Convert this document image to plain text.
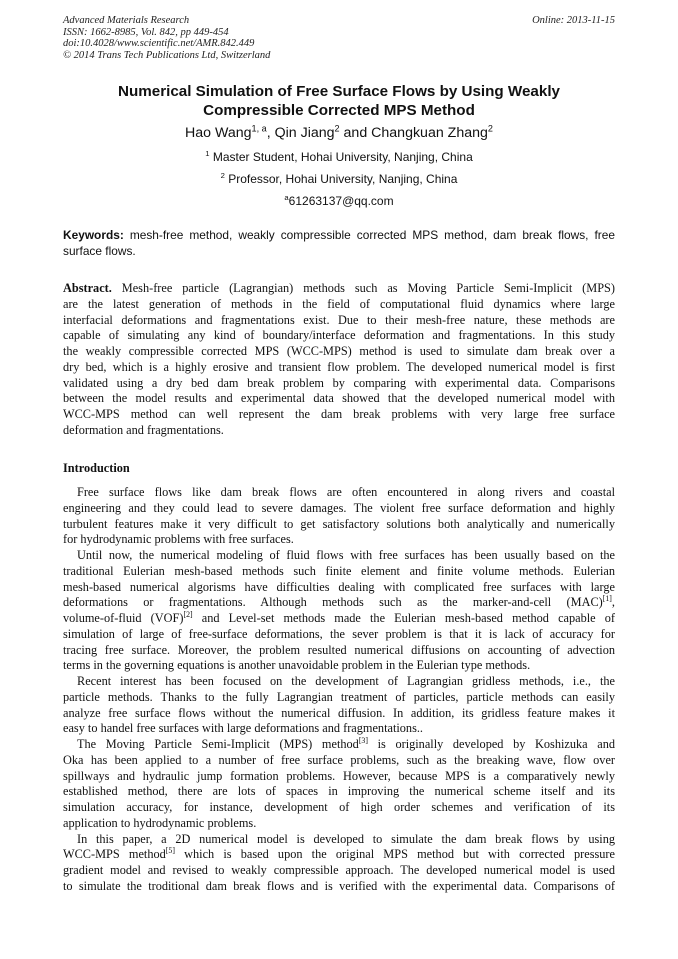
Advanced Materials Research
ISSN: 1662-8985, Vol. 842, pp 449-454
doi:10.4028/www.scientific.net/AMR.842.449
© 2014 Trans Tech Publications Ltd, Switzerland
Online: 2013-11-15
Numerical Simulation of Free Surface Flows by Using Weakly
Compressible Corrected MPS Method
Hao Wang$^{1, a}$, Qin Jiang$^2$ and Changkuan Zhang$^2$
$^1$ Master Student, Hohai University, Nanjing, China
$^2$ Professor, Hohai University, Nanjing, China
$^a$61263137@qq.com
Keywords: mesh-free method, weakly compressible corrected MPS method, dam break flows, free
surface flows.
Abstract. Mesh-free particle (Lagrangian) methods such as Moving Particle Semi-Implicit (MPS)
are the latest generation of methods in the field of computational fluid dynamics where large
interfacial deformations and fragmentations exist. Due to their mesh-free nature, these methods are
capable of simulating any kind of boundary/interface deformation and fragmentations. In this study
the weakly compressible corrected MPS (WCC-MPS) method is used to simulate dam break over a
dry bed, which is a highly erosive and transient flow problem. The developed numerical model is first
validated using a dry bed dam break problem by comparing with experimental data. Comparisons
between the model results and experimental data showed that the developed numerical model with
WCC-MPS method can well represent the dam break problems with very large free surface
deformation and fragmentations.
Introduction
Free surface flows like dam break flows are often encountered in along rivers and coastal
engineering and they could lead to severe damages. The violent free surface deformation and highly
turbulent features make it very difficult to get satisfactory solutions both analytically and numerically
for hydrodynamic problems with free surfaces.
Until now, the numerical modeling of fluid flows with free surfaces has been usually based on the
traditional Eulerian mesh-based methods such finite element and finite volume methods. Eulerian
mesh-based numerical algorisms have difficulties dealing with complicated free surfaces with large
deformations or fragmentations. Although methods such as the marker-and-cell (MAC)[1],
volume-of-fluid (VOF)[2] and Level-set methods made the Eulerian mesh-based method capable of
simulation of large of free-surface deformations, the sever problem is that it is lack of accuracy for
tracing free surface. Moreover, the problem resulted numerical diffusions on accounting of advection
terms in the governing equations is another unavoidable problem in the Eulerian type methods.
Recent interest has been focused on the development of Lagrangian gridless methods, i.e., the
particle methods. Thanks to the fully Lagrangian treatment of particles, particle methods can easily
analyze free surface flows without the numerical diffusion. In addition, its gridless feature makes it
easy to handel free surfaces with large deformations and fragmentations..
The Moving Particle Semi-Implicit (MPS) method[3] is originally developed by Koshizuka and
Oka has been applied to a number of free surface problems, such as the breaking wave, flow over
spillways and hydraulic jump formation problems. However, because MPS is a comparatively newly
established method, there are lots of spaces in improving the numerical scheme itself and its
simulation accuracy, for instance, development of high order schemes and verification of its
application to hydrodynamic problems.
In this paper, a 2D numerical model is developed to simulate the dam break flows by using
WCC-MPS method[5] which is based upon the original MPS method but with corrected pressure
gradient model and revised to weakly compressible approach. The developed numerical model is used
to simulate the troditional dam break flows and is verified with the experimental data. Comparisons of
